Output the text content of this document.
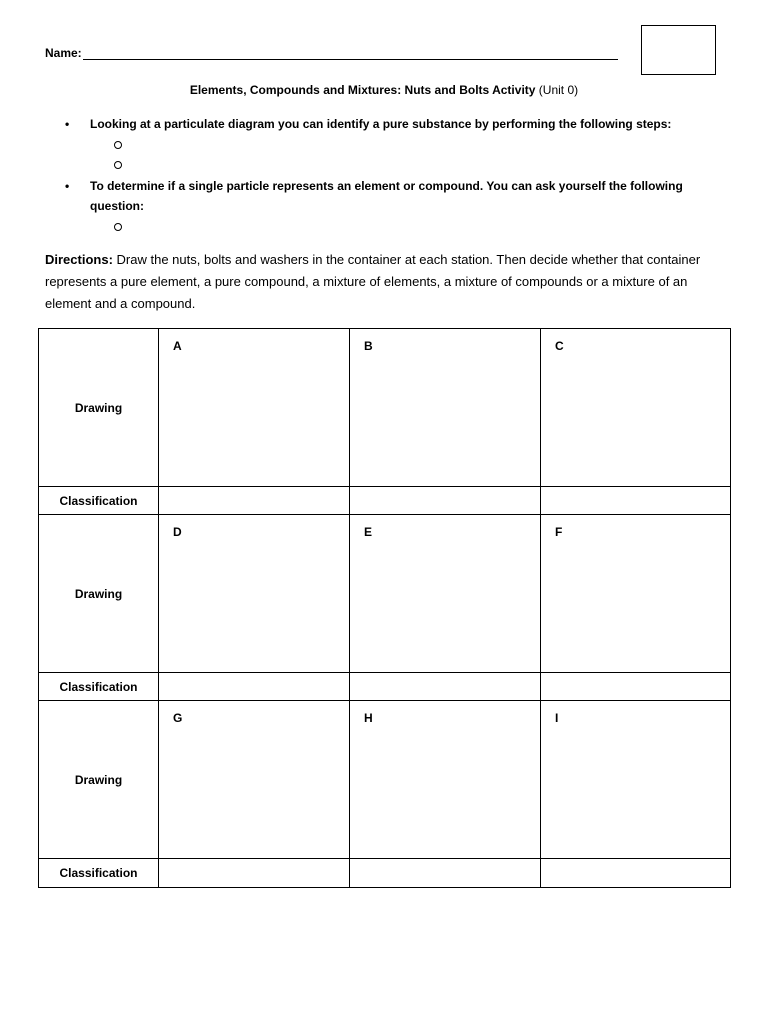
Name:
Elements, Compounds and Mixtures: Nuts and Bolts Activity (Unit 0)
• Looking at a particulate diagram you can identify a pure substance by performing the following steps:
• To determine if a single particle represents an element or compound. You can ask yourself the following question:
Directions: Draw the nuts, bolts and washers in the container at each station. Then decide whether that container represents a pure element, a pure compound, a mixture of elements, a mixture of compounds or a mixture of an element and a compound.
Drawing	A	B	C

Classification			
Drawing	D	E	F

Classification			
Drawing	G	H	I

Classification			
